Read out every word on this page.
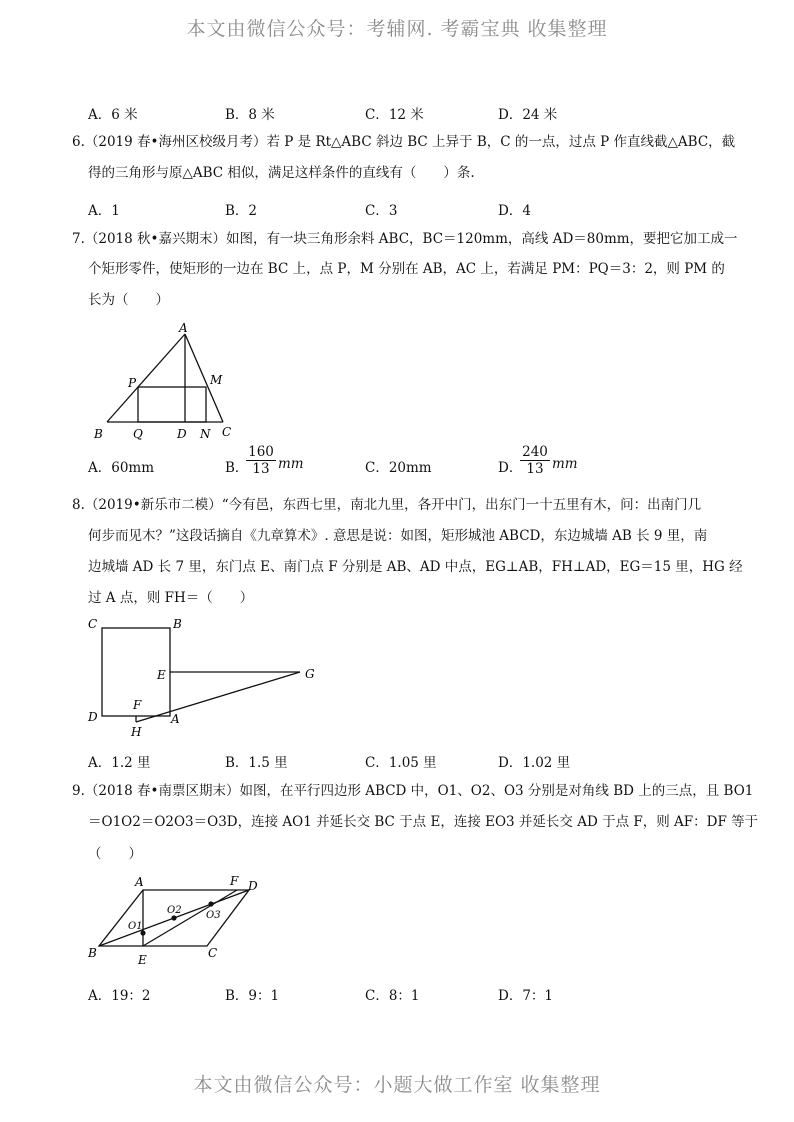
本文由微信公众号：考辅网. 考霸宝典 收集整理
A．6 米	B．8 米	C．12 米	D．24 米
6.（2019 春•海州区校级月考）若 P 是 Rt△ABC 斜边 BC 上异于 B，C 的一点，过点 P 作直线截△ABC，截
得的三角形与原△ABC 相似，满足这样条件的直线有（　　）条.
A．1	B．2	C．3	D．4
7.（2018 秋•嘉兴期末）如图，有一块三角形余料 ABC，BC＝120mm，高线 AD＝80mm，要把它加工成一
个矩形零件，使矩形的一边在 BC 上，点 P，M 分别在 AB，AC 上，若满足 PM：PQ＝3：2，则 PM 的
长为（　　）
A
P	M
B	Q	D N C
A．60mm	B．
160
13 mm	C．20mm	D．
240
13 mm
8.（2019•新乐市二模）“今有邑，东西七里，南北九里，各开中门，出东门一十五里有木，问：出南门几
何步而见木？”这段话摘自《九章算术》. 意思是说：如图，矩形城池 ABCD，东边城墙 AB 长 9 里，南
边城墙 AD 长 7 里，东门点 E、南门点 F 分别是 AB、AD 中点，EG⊥AB，FH⊥AD，EG＝15 里，HG 经
过 A 点，则 FH＝（　　）
C	B
E	G
F
D	A
H
A．1.2 里	B．1.5 里	C．1.05 里	D．1.02 里
9.（2018 春•南票区期末）如图，在平行四边形 ABCD 中，O1、O2、O3 分别是对角线 BD 上的三点，且 BO1
＝O1O2＝O2O3＝O3D，连接 AO1 并延长交 BC 于点 E，连接 EO3 并延长交 AD 于点 F，则 AF：DF 等于
（　　）
A	F D
O2
O1
O3
B	E	C
A．19：2	B．9：1	C．8：1	D．7：1
本文由微信公众号：小题大做工作室 收集整理
